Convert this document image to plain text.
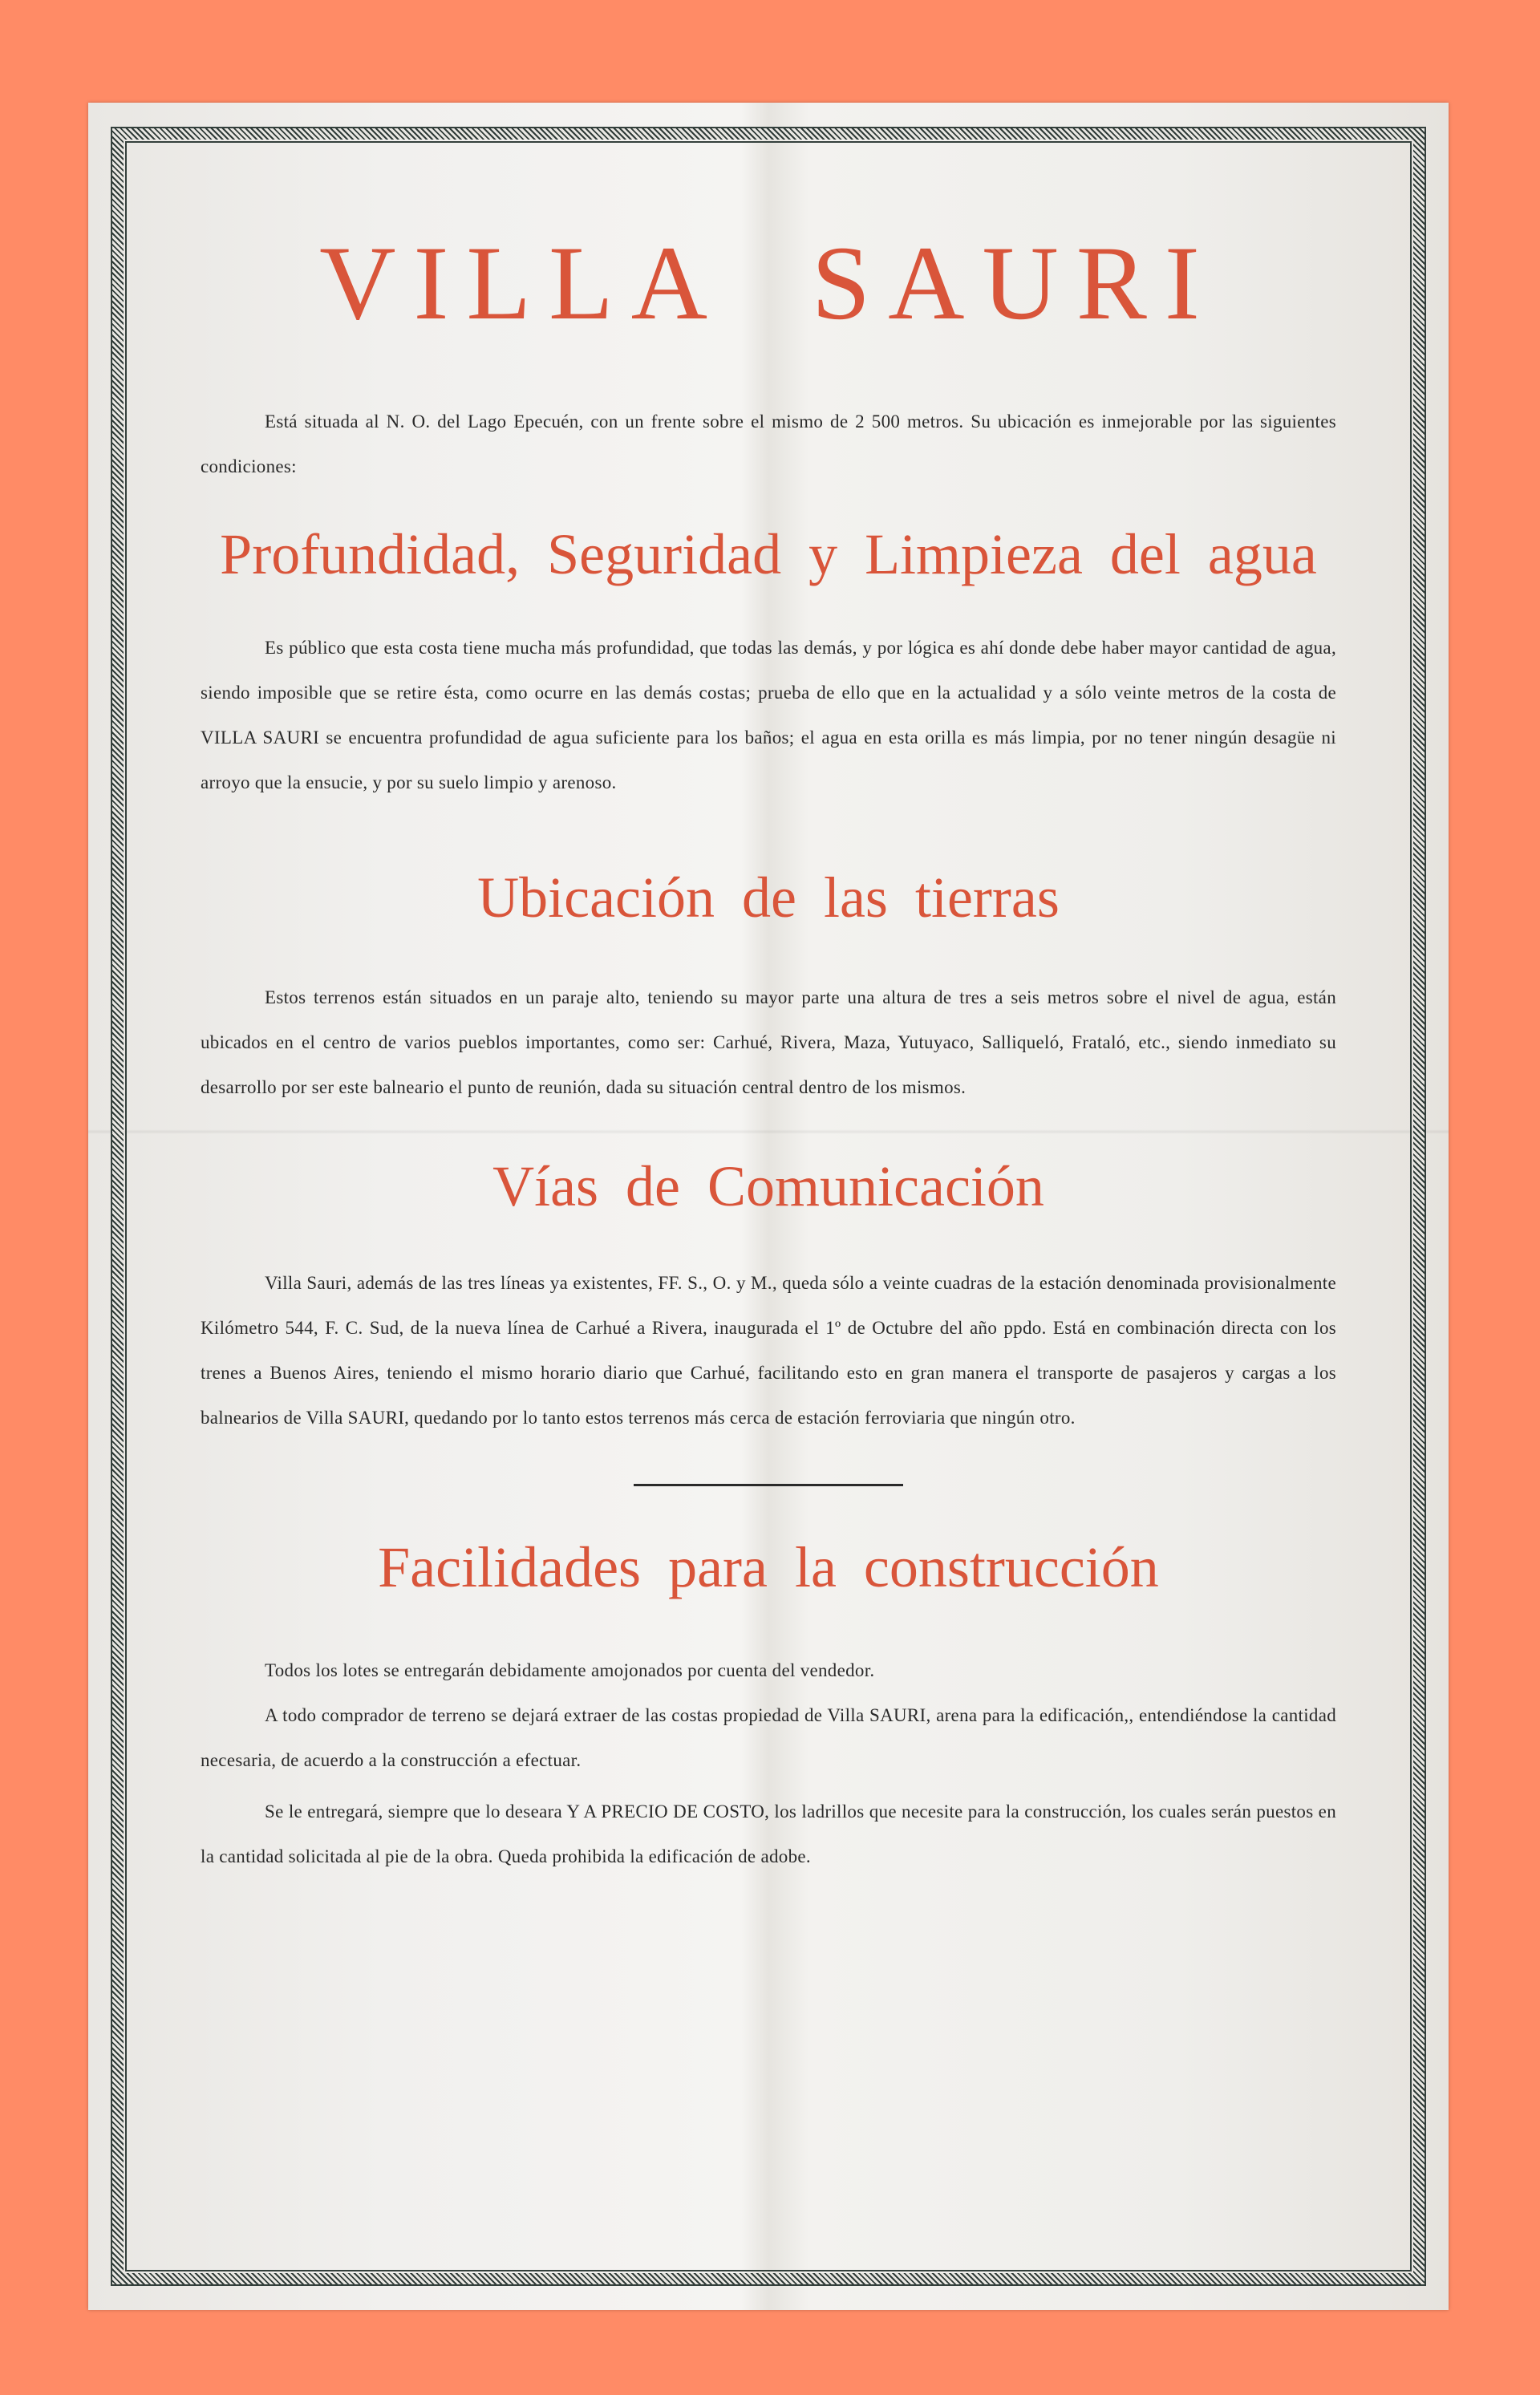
VILLA SAURI

Está situada al N. O. del Lago Epecuén, con un frente sobre el mismo de 2 500 metros. Su ubicación es inmejorable por las siguientes condiciones:

Profundidad, Seguridad y Limpieza del agua

Es público que esta costa tiene mucha más profundidad, que todas las demás, y por lógica es ahí donde debe haber mayor cantidad de agua, siendo imposible que se retire ésta, como ocurre en las demás costas; prueba de ello que en la actualidad y a sólo veinte metros de la costa de VILLA SAURI se encuentra profundidad de agua suficiente para los baños; el agua en esta orilla es más limpia, por no tener ningún desagüe ni arroyo que la ensucie, y por su suelo limpio y arenoso.

Ubicación de las tierras

Estos terrenos están situados en un paraje alto, teniendo su mayor parte una altura de tres a seis metros sobre el nivel de agua, están ubicados en el centro de varios pueblos importantes, como ser: Carhué, Rivera, Maza, Yutuyaco, Salliqueló, Frataló, etc., siendo inmediato su desarrollo por ser este balneario el punto de reunión, dada su situación central dentro de los mismos.

Vías de Comunicación

Villa Sauri, además de las tres líneas ya existentes, FF. S., O. y M., queda sólo a veinte cuadras de la estación denominada provisionalmente Kilómetro 544, F. C. Sud, de la nueva línea de Carhué a Rivera, inaugurada el 1º de Octubre del año ppdo. Está en combinación directa con los trenes a Buenos Aires, teniendo el mismo horario diario que Carhué, facilitando esto en gran manera el transporte de pasajeros y cargas a los balnearios de Villa SAURI, quedando por lo tanto estos terrenos más cerca de estación ferroviaria que ningún otro.

Facilidades para la construcción

Todos los lotes se entregarán debidamente amojonados por cuenta del vendedor.

A todo comprador de terreno se dejará extraer de las costas propiedad de Villa SAURI, arena para la edificación,, entendiéndose la cantidad necesaria, de acuerdo a la construcción a efectuar.

Se le entregará, siempre que lo deseara Y A PRECIO DE COSTO, los ladrillos que necesite para la construcción, los cuales serán puestos en la cantidad solicitada al pie de la obra. Queda prohibida la edificación de adobe.
